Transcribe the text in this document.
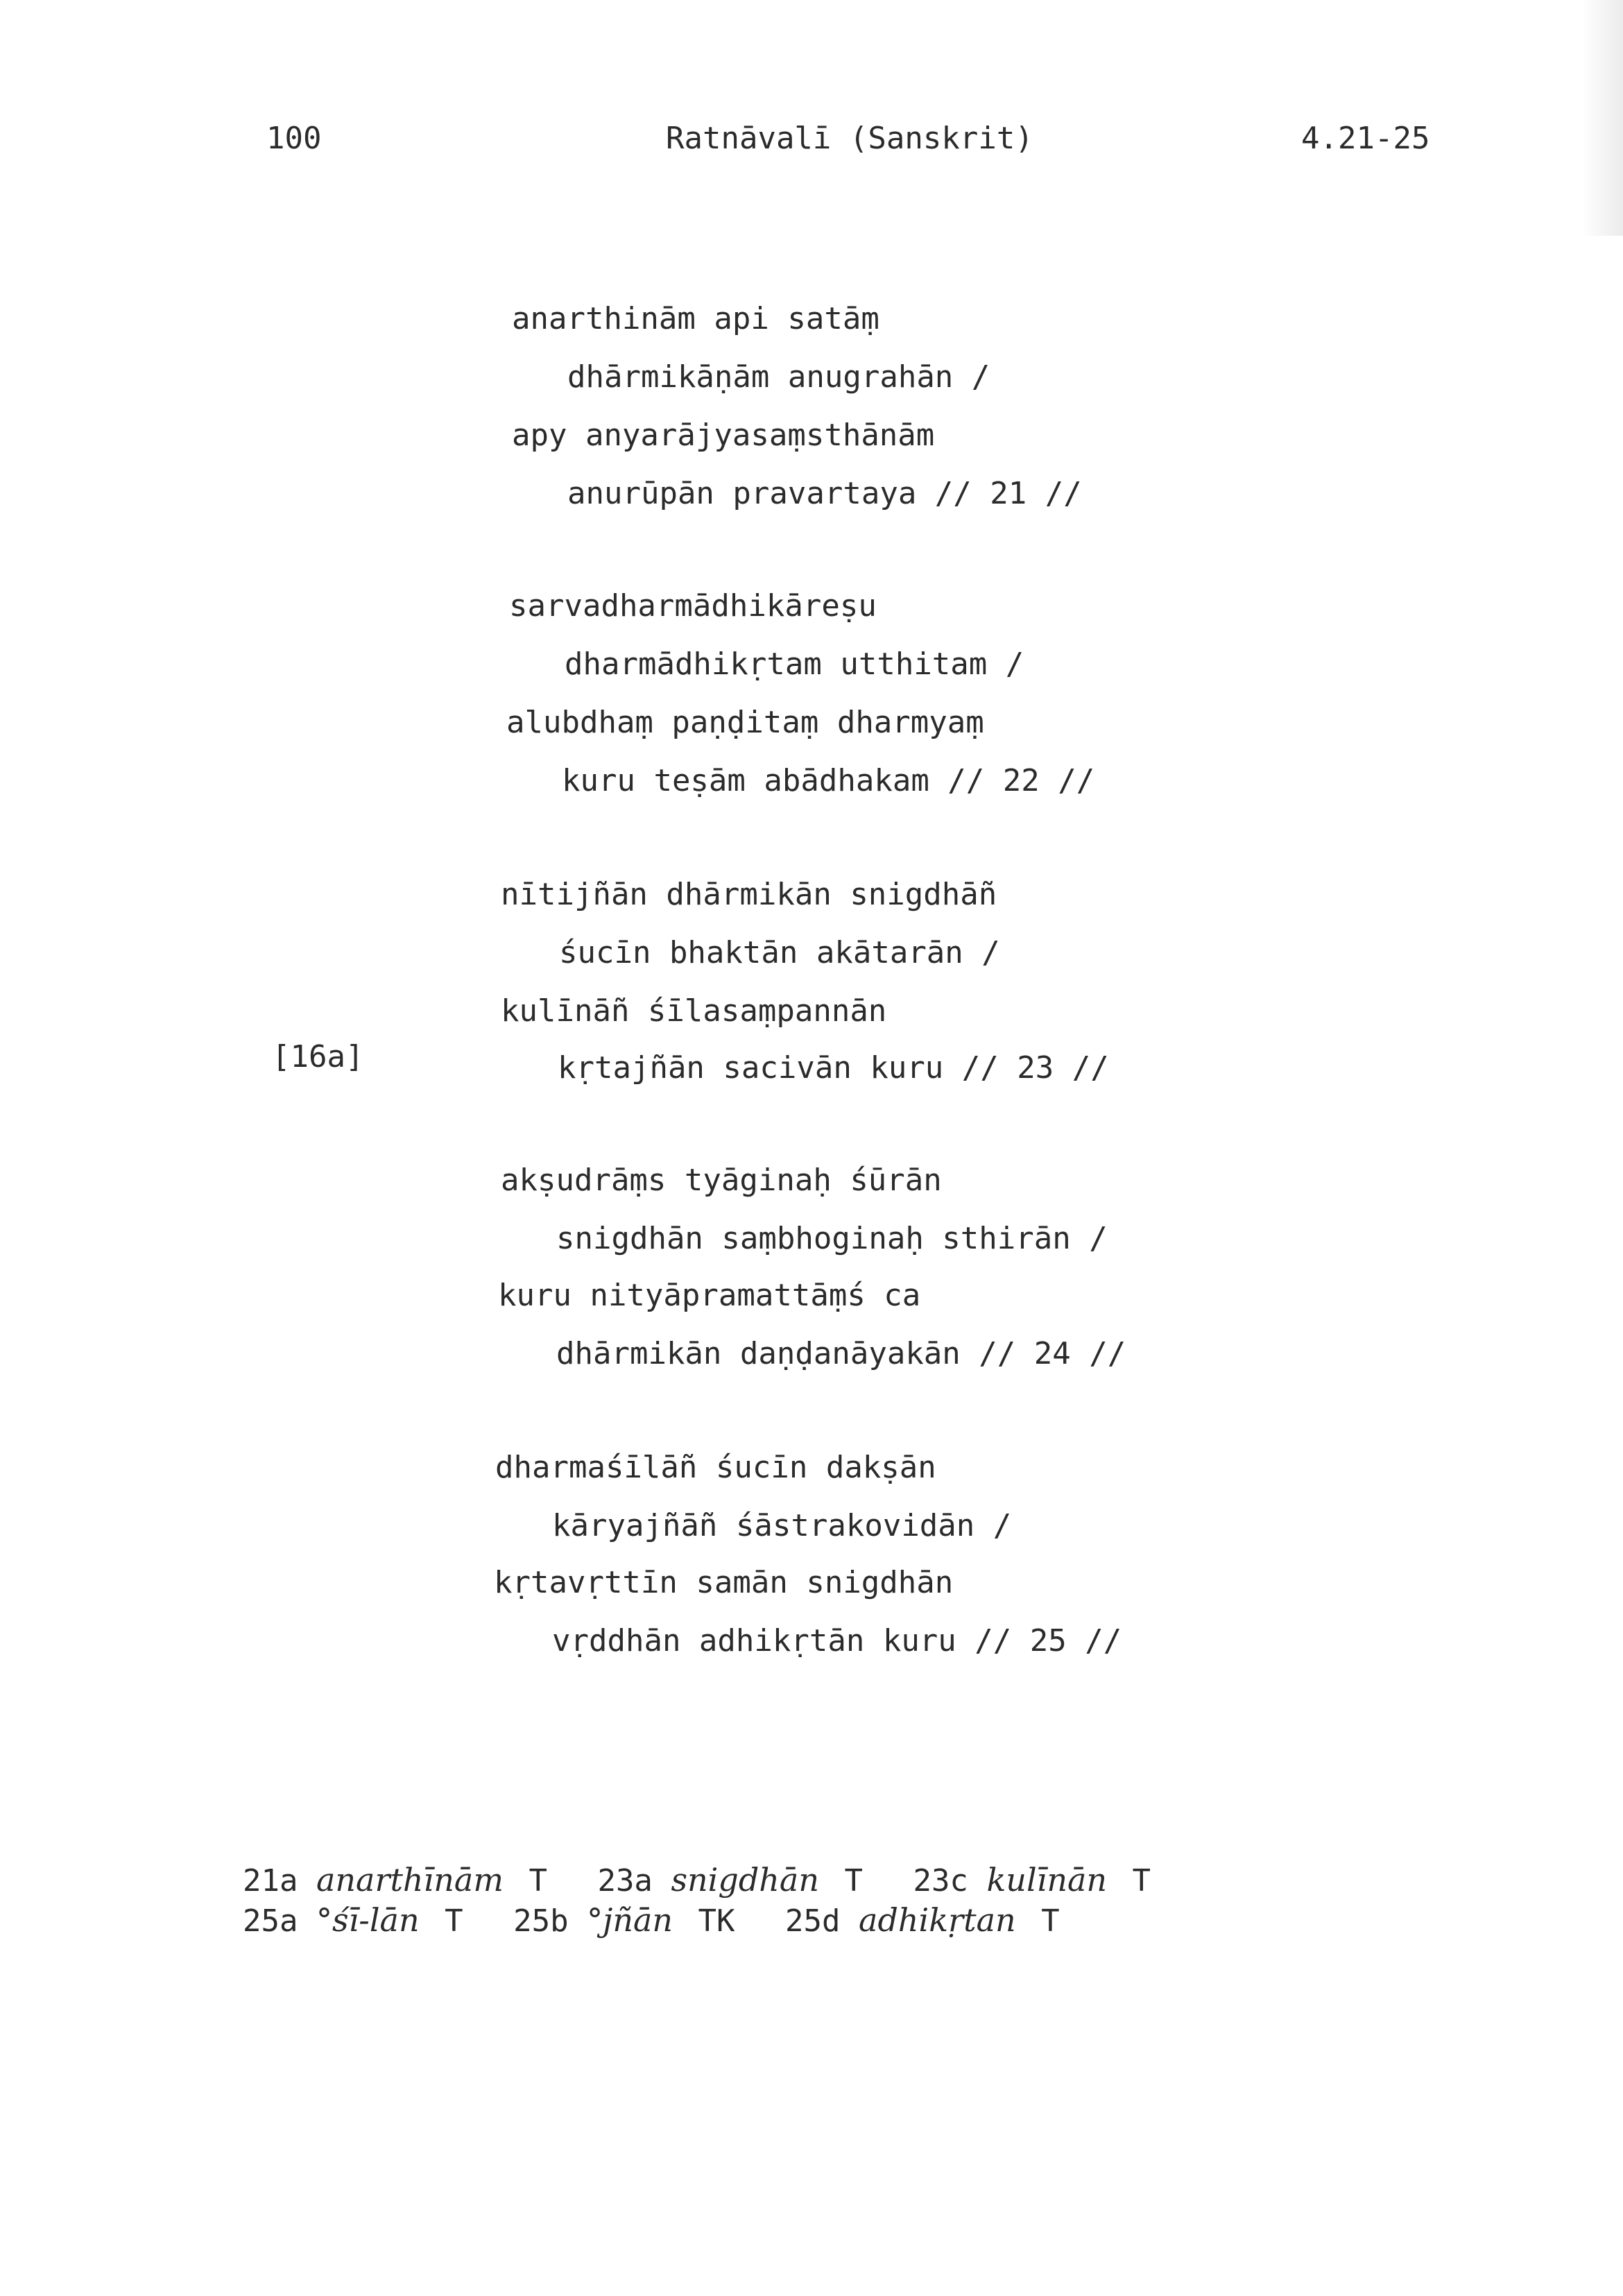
100	Ratnāvalī (Sanskrit)	4.21-25
anarthinām api satāṃ
dhārmikāṇām anugrahān /
apy anyarājyasaṃsthānām
anurūpān pravartaya // 21 //
sarvadharmādhikāreṣu
dharmādhikṛtam utthitam /
alubdhaṃ paṇḍitaṃ dharmyaṃ
kuru teṣām abādhakam // 22 //
nītijñān dhārmikān snigdhāñ
śucīn bhaktān akātarān /
kulīnāñ śīlasaṃpannān
kṛtajñān sacivān kuru // 23 //
akṣudrāṃs tyāginaḥ śūrān
snigdhān saṃbhoginaḥ sthirān /
kuru nityāpramattāṃś ca
dhārmikān daṇḍanāyakān // 24 //
dharmaśīlāñ śucīn dakṣān
kāryajñāñ śāstrakovidān /
kṛtavṛttīn samān snigdhān
vṛddhān adhikṛtān kuru // 25 //
[16a]
21a anarthīnām T 23a snigdhān T 23c kulīnān T
25a °śī-lān T 25b °jñān TK 25d adhikṛtan T
